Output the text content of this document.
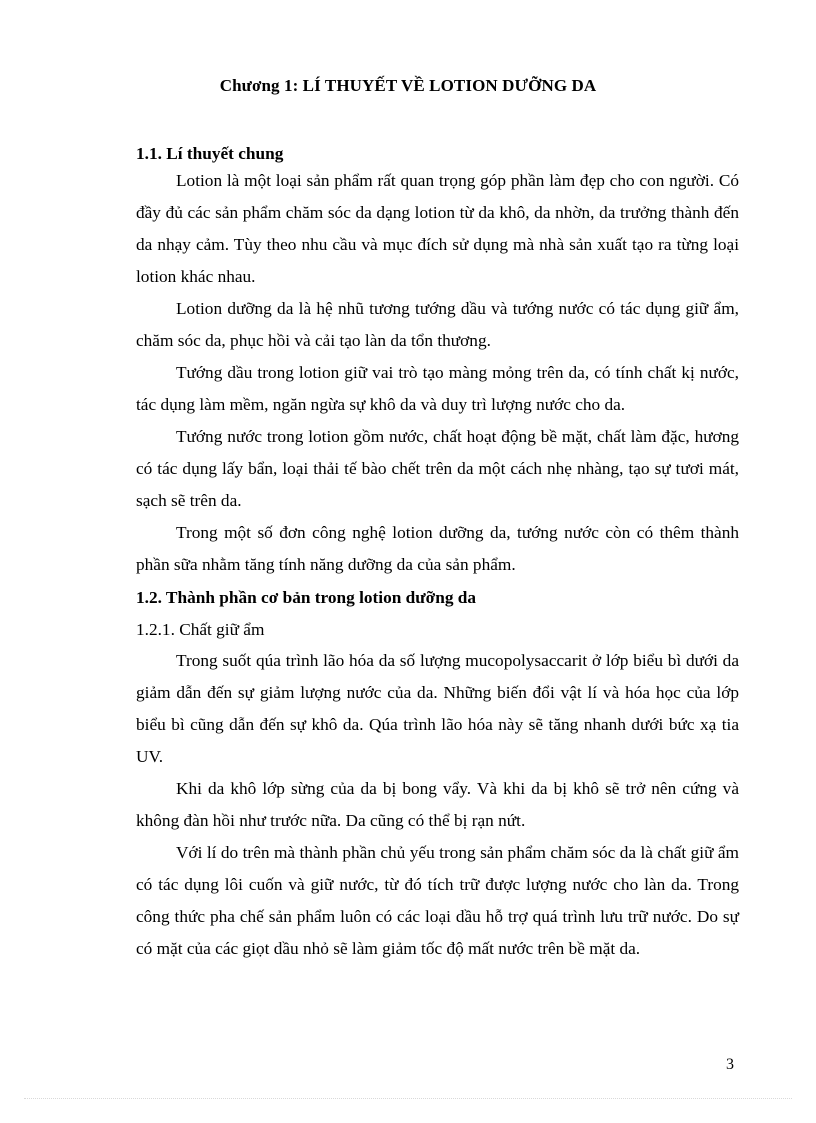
Chương 1: LÍ THUYẾT VỀ LOTION DƯỠNG DA

1.1. Lí thuyết chung

Lotion là một loại sản phẩm rất quan trọng góp phần làm đẹp cho con người. Có đầy đủ các sản phẩm chăm sóc da dạng lotion từ da khô, da nhờn, da trưởng thành đến da nhạy cảm. Tùy theo nhu cầu và mục đích sử dụng mà nhà sản xuất tạo ra từng loại lotion khác nhau.

Lotion dưỡng da là hệ nhũ tương tướng dầu và tướng nước có tác dụng giữ ẩm, chăm sóc da, phục hồi và cải tạo làn da tổn thương.

Tướng dầu trong lotion giữ vai trò tạo màng mỏng trên da, có tính chất kị nước, tác dụng làm mềm, ngăn ngừa sự khô da và duy trì lượng nước cho da.

Tướng nước trong lotion gồm nước, chất hoạt động bề mặt, chất làm đặc, hương có tác dụng lấy bẩn, loại thải tế bào chết trên da một cách nhẹ nhàng, tạo sự tươi mát, sạch sẽ trên da.

Trong một số đơn công nghệ lotion dưỡng da, tướng nước còn có thêm thành phần sữa nhằm tăng tính năng dưỡng da của sản phẩm.

1.2. Thành phần cơ bản trong lotion dưỡng da

1.2.1. Chất giữ ẩm

Trong suốt qúa trình lão hóa da số lượng mucopolysaccarit ở lớp biểu bì dưới da giảm dẫn đến sự giảm lượng nước của da. Những biến đổi vật lí và hóa học của lớp biểu bì cũng dẫn đến sự khô da. Qúa trình lão hóa này sẽ tăng nhanh dưới bức xạ tia UV.

Khi da khô lớp sừng của da bị bong vẩy. Và khi da bị khô sẽ trở nên cứng và không đàn hồi như trước nữa. Da cũng có thể bị rạn nứt.

Với lí do trên mà thành phần chủ yếu trong sản phẩm chăm sóc da là chất giữ ẩm có tác dụng lôi cuốn và giữ nước, từ đó tích trữ được lượng nước cho làn da. Trong công thức pha chế sản phẩm luôn có các loại dầu hỗ trợ quá trình lưu trữ nước. Do sự có mặt của các giọt dầu nhỏ sẽ làm giảm tốc độ mất nước trên bề mặt da.

3
